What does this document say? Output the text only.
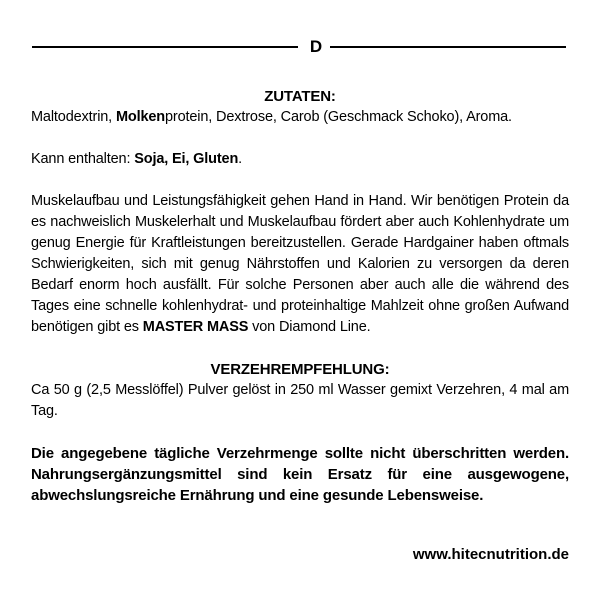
D
ZUTATEN:

Maltodextrin, Molkenprotein, Dextrose, Carob (Geschmack Schoko), Aroma.

Kann enthalten: Soja, Ei, Gluten.

Muskelaufbau und Leistungsfähigkeit gehen Hand in Hand. Wir benötigen Protein da es nachweislich Muskelerhalt und Muskelaufbau fördert aber auch Kohlenhydrate um genug Energie für Kraftleistungen bereitzustellen. Gerade Hardgainer haben oftmals Schwierigkeiten, sich mit genug Nährstoffen und Kalorien zu versorgen da deren Bedarf enorm hoch ausfällt. Für solche Personen aber auch alle die während des Tages eine schnelle kohlenhydrat- und proteinhaltige Mahlzeit ohne großen Aufwand benötigen gibt es MASTER MASS von Diamond Line.

VERZEHREMPFEHLUNG:

Ca 50 g (2,5 Messlöffel) Pulver gelöst in 250 ml Wasser gemixt Verzehren, 4 mal am Tag.

Die angegebene tägliche Verzehrmenge sollte nicht überschritten werden. Nahrungsergänzungsmittel sind kein Ersatz für eine ausgewogene, abwechslungsreiche Ernährung und eine gesunde Lebensweise.

www.hitecnutrition.de
